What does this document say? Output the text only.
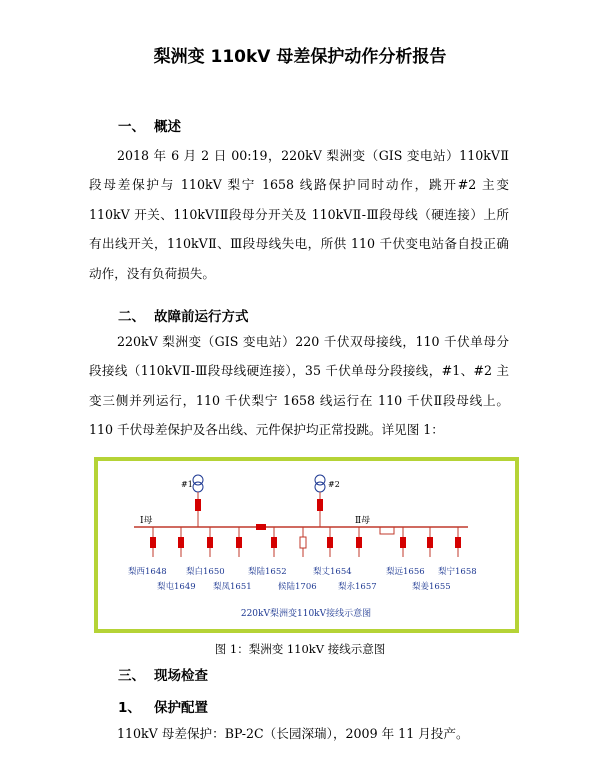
梨洲变 110kV 母差保护动作分析报告
一、 概述
2018 年 6 月 2 日 00:19，220kV 梨洲变（GIS 变电站）110kVⅡ段母差保护与 110kV 梨宁 1658 线路保护同时动作，跳开#2 主变 110kV 开关、110kVⅠⅡ段母分开关及 110kVⅡ-Ⅲ段母线（硬连接）上所有出线开关，110kVⅡ、Ⅲ段母线失电，所供 110 千伏变电站备自投正确动作，没有负荷损失。
二、 故障前运行方式
220kV 梨洲变（GIS 变电站）220 千伏双母接线，110 千伏单母分段接线（110kVⅡ-Ⅲ段母线硬连接），35 千伏单母分段接线，#1、#2 主变三侧并列运行，110 千伏梨宁 1658 线运行在 110 千伏Ⅱ段母线上。110 千伏母差保护及各出线、元件保护均正常投跳。详见图 1：
#1	#2
Ⅰ母	Ⅱ母
梨西1648
梨屯1649
梨白1650
梨凤1651
梨陆1652
候陆1706
梨丈1654
梨永1657
梨远1656
梨姜1655
梨宁1658
220kV梨洲变110kV接线示意图
图 1：梨洲变 110kV 接线示意图
三、 现场检查
1、 保护配置
110kV 母差保护：BP-2C（长园深瑞），2009 年 11 月投产。
